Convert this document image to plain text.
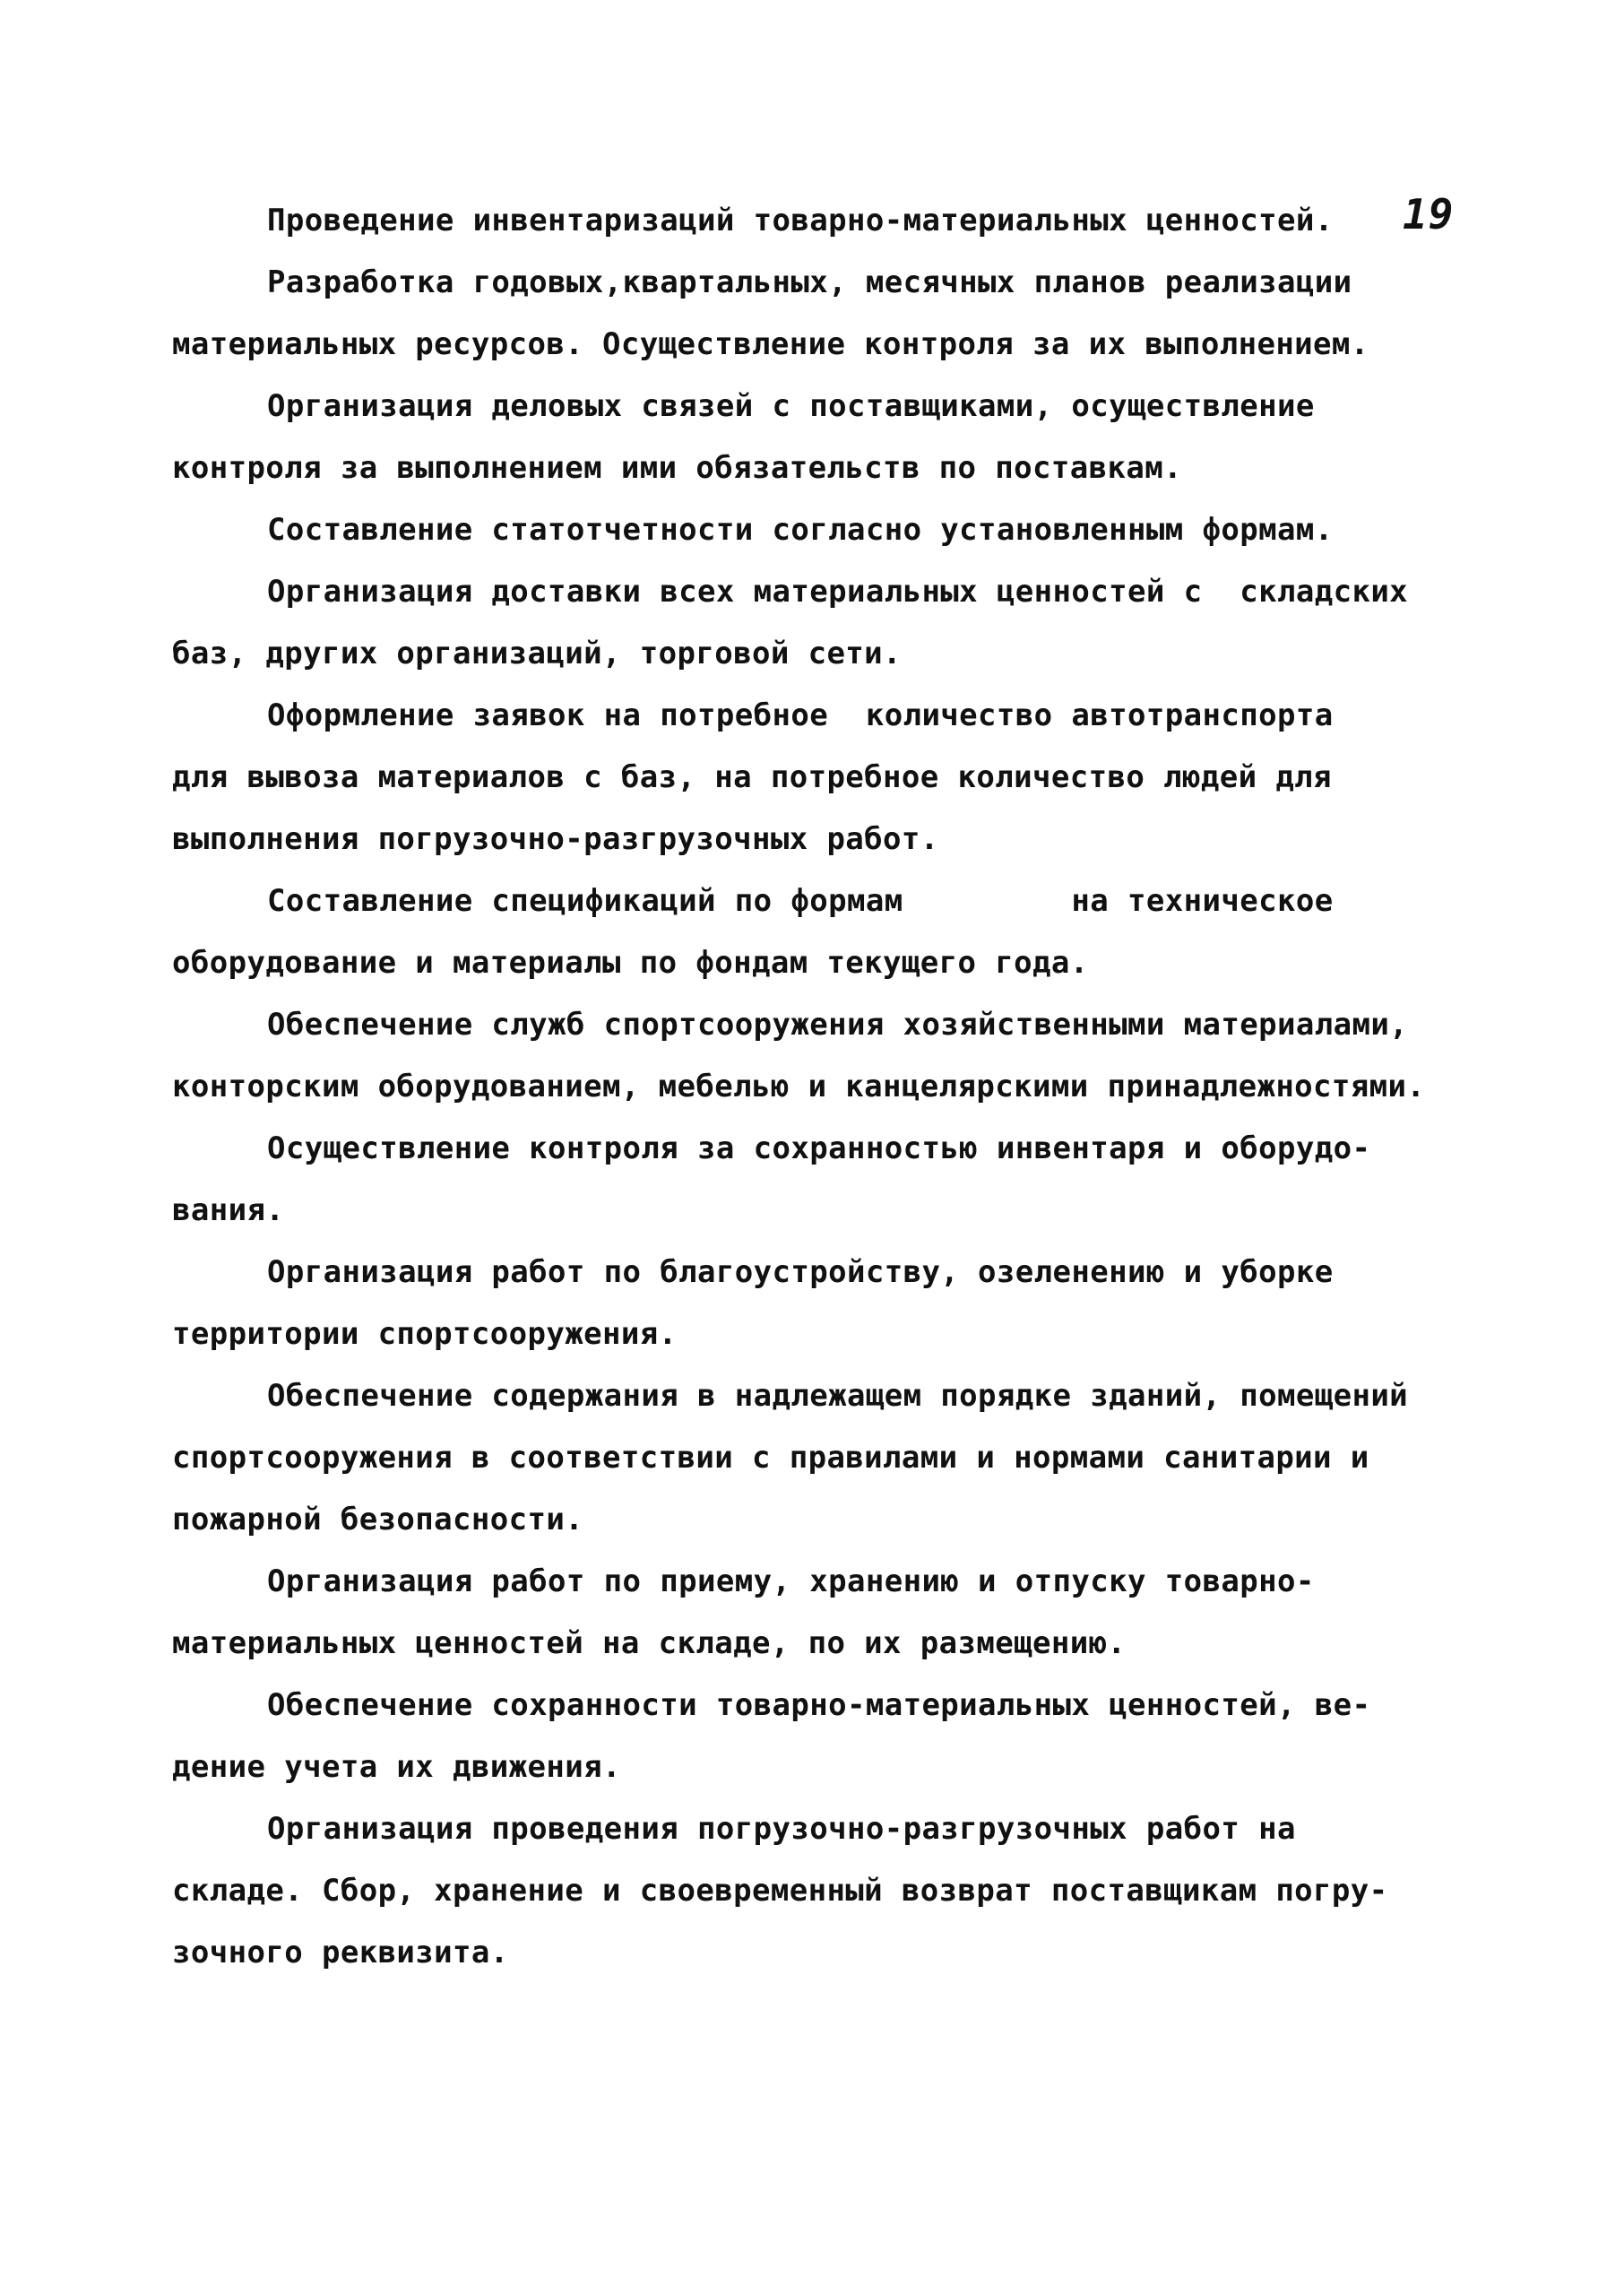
19

Проведение инвентаризаций товарно-материальных ценностей.

Разработка годовых,квартальных, месячных планов реализации
материальных ресурсов. Осуществление контроля за их выполнением.

Организация деловых связей с поставщиками, осуществление
контроля за выполнением ими обязательств по поставкам.

Составление статотчетности согласно установленным формам.

Организация доставки всех материальных ценностей с  складских
баз, других организаций, торговой сети.

Оформление заявок на потребное  количество автотранспорта
для вывоза материалов с баз, на потребное количество людей для
выполнения погрузочно-разгрузочных работ.

Составление спецификаций по формам         на техническое
оборудование и материалы по фондам текущего года.

Обеспечение служб спортсооружения хозяйственными материалами,
конторским оборудованием, мебелью и канцелярскими принадлежностями.

Осуществление контроля за сохранностью инвентаря и оборудо-
вания.

Организация работ по благоустройству, озеленению и уборке
территории спортсооружения.

Обеспечение содержания в надлежащем порядке зданий, помещений
спортсооружения в соответствии с правилами и нормами санитарии и
пожарной безопасности.

Организация работ по приему, хранению и отпуску товарно-
материальных ценностей на складе, по их размещению.

Обеспечение сохранности товарно-материальных ценностей, ве-
дение учета их движения.

Организация проведения погрузочно-разгрузочных работ на
складе. Сбор, хранение и своевременный возврат поставщикам погру-
зочного реквизита.
